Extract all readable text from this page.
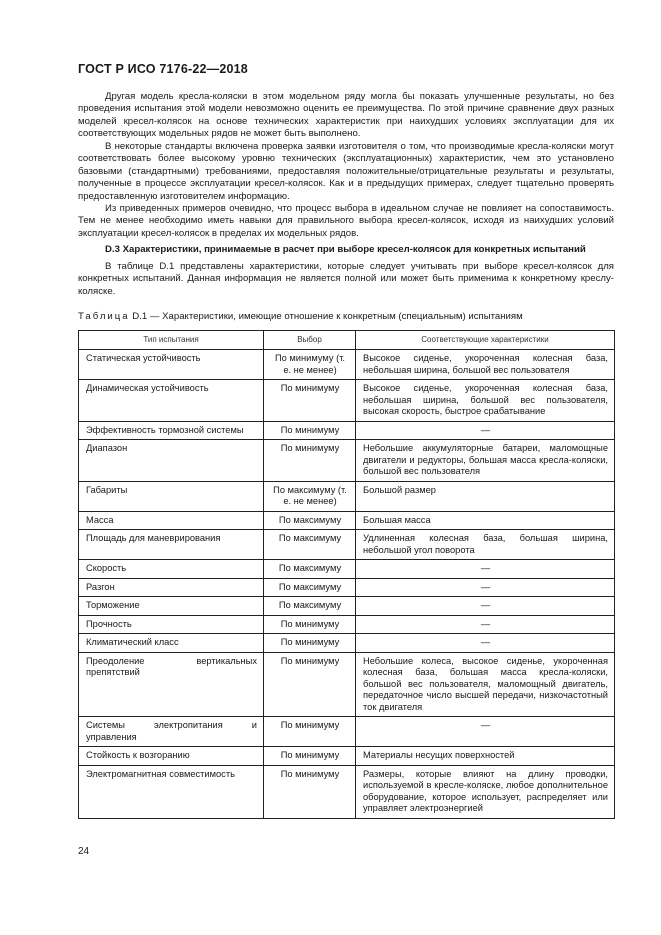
ГОСТ Р ИСО 7176-22—2018

Другая модель кресла-коляски в этом модельном ряду могла бы показать улучшенные результаты, но без проведения испытания этой модели невозможно оценить ее преимущества. По этой причине сравнение двух разных моделей кресел-колясок на основе технических характеристик при наихудших условиях эксплуатации для их соответствующих модельных рядов не может быть выполнено.

В некоторые стандарты включена проверка заявки изготовителя о том, что производимые кресла-коляски могут соответствовать более высокому уровню технических (эксплуатационных) характеристик, чем это установлено базовыми (стандартными) требованиями, предоставляя положительные/отрицательные результаты и результаты, полученные в процессе эксплуатации кресел-колясок. Как и в предыдущих примерах, следует тщательно проверять предоставленную изготовителем информацию.

Из приведенных примеров очевидно, что процесс выбора в идеальном случае не повлияет на сопоставимость. Тем не менее необходимо иметь навыки для правильного выбора кресел-колясок, исходя из наихудших условий эксплуатации кресел-колясок в пределах их модельных рядов.

D.3 Характеристики, принимаемые в расчет при выборе кресел-колясок для конкретных испытаний

В таблице D.1 представлены характеристики, которые следует учитывать при выборе кресел-колясок для конкретных испытаний. Данная информация не является полной или может быть применима к конкретному креслу-коляске.

Таблица D.1 — Характеристики, имеющие отношение к конкретным (специальным) испытаниям

Тип испытания	Выбор	Соответствующие характеристики
Статическая устойчивость	По минимуму (т. е. не менее)	Высокое сиденье, укороченная колесная база, небольшая ширина, большой вес пользователя
Динамическая устойчивость	По минимуму	Высокое сиденье, укороченная колесная база, небольшая ширина, большой вес пользователя, высокая скорость, быстрое срабатывание
Эффективность тормозной системы	По минимуму	—
Диапазон	По минимуму	Небольшие аккумуляторные батареи, маломощные двигатели и редукторы, большая масса кресла-коляски, большой вес пользователя
Габариты	По максимуму (т. е. не менее)	Большой размер
Масса	По максимуму	Большая масса
Площадь для маневрирования	По максимуму	Удлиненная колесная база, большая ширина, небольшой угол поворота
Скорость	По максимуму	—
Разгон	По максимуму	—
Торможение	По максимуму	—
Прочность	По минимуму	—
Климатический класс	По минимуму	—
Преодоление вертикальных препятствий	По минимуму	Небольшие колеса, высокое сиденье, укороченная колесная база, большая масса кресла-коляски, большой вес пользователя, маломощный двигатель, передаточное число высшей передачи, низкочастотный ток двигателя
Системы электропитания и управления	По минимуму	—
Стойкость к возгоранию	По минимуму	Материалы несущих поверхностей
Электромагнитная совместимость	По минимуму	Размеры, которые влияют на длину проводки, используемой в кресле-коляске, любое дополнительное оборудование, которое использует, распределяет или управляет электроэнергией
24
